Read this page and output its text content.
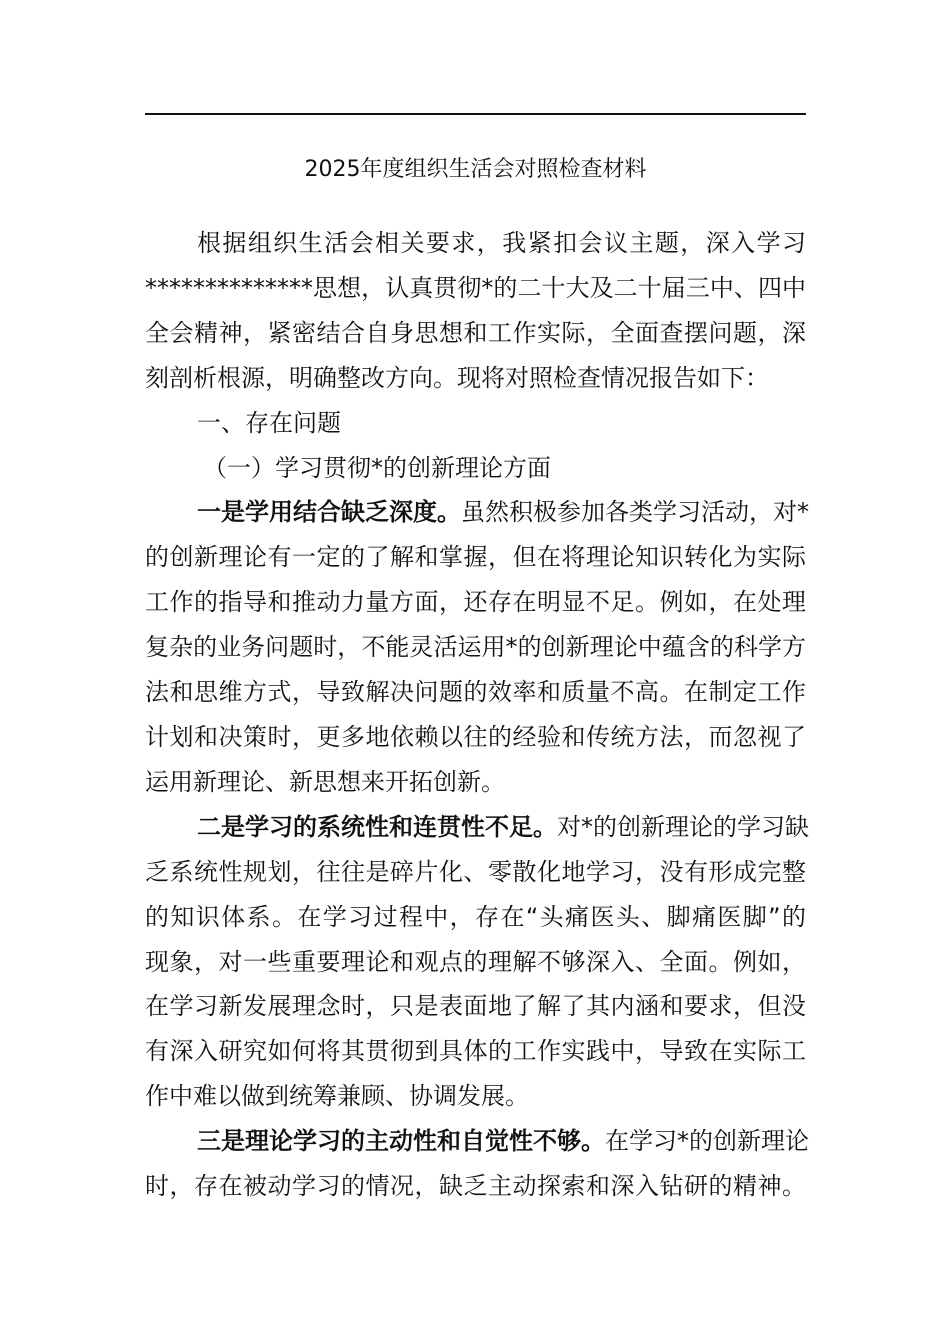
2025年度组织生活会对照检查材料
根据组织生活会相关要求，我紧扣会议主题，深入学习
**************思想，认真贯彻*的二十大及二十届三中、四中
全会精神，紧密结合自身思想和工作实际，全面查摆问题，深
刻剖析根源，明确整改方向。现将对照检查情况报告如下：
一、存在问题
（一）学习贯彻*的创新理论方面
一是学用结合缺乏深度。虽然积极参加各类学习活动，对*
的创新理论有一定的了解和掌握，但在将理论知识转化为实际
工作的指导和推动力量方面，还存在明显不足。例如，在处理
复杂的业务问题时，不能灵活运用*的创新理论中蕴含的科学方
法和思维方式，导致解决问题的效率和质量不高。在制定工作
计划和决策时，更多地依赖以往的经验和传统方法，而忽视了
运用新理论、新思想来开拓创新。
二是学习的系统性和连贯性不足。对*的创新理论的学习缺
乏系统性规划，往往是碎片化、零散化地学习，没有形成完整
的知识体系。在学习过程中，存在“头痛医头、脚痛医脚”的
现象，对一些重要理论和观点的理解不够深入、全面。例如，
在学习新发展理念时，只是表面地了解了其内涵和要求，但没
有深入研究如何将其贯彻到具体的工作实践中，导致在实际工
作中难以做到统筹兼顾、协调发展。
三是理论学习的主动性和自觉性不够。在学习*的创新理论
时，存在被动学习的情况，缺乏主动探索和深入钻研的精神。
